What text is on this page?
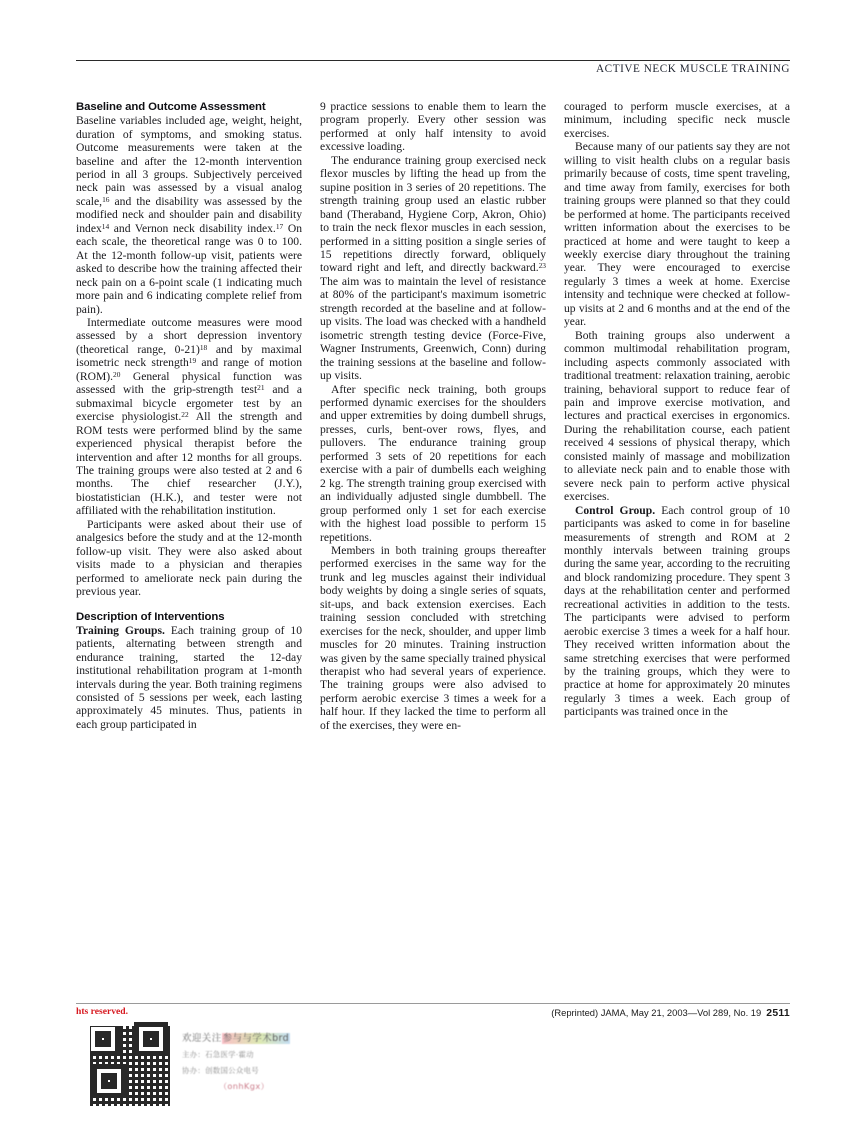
ACTIVE NECK MUSCLE TRAINING
Baseline and Outcome Assessment

Baseline variables included age, weight, height, duration of symptoms, and smoking status. Outcome measurements were taken at the baseline and after the 12-month intervention period in all 3 groups. Subjectively perceived neck pain was assessed by a visual analog scale,$^{16}$ and the disability was assessed by the modified neck and shoulder pain and disability index$^{14}$ and Vernon neck disability index.$^{17}$ On each scale, the theoretical range was 0 to 100. At the 12-month follow-up visit, patients were asked to describe how the training affected their neck pain on a 6-point scale (1 indicating much more pain and 6 indicating complete relief from pain).

Intermediate outcome measures were mood assessed by a short depression inventory (theoretical range, 0-21)$^{18}$ and by maximal isometric neck strength$^{19}$ and range of motion (ROM).$^{20}$ General physical function was assessed with the grip-strength test$^{21}$ and a submaximal bicycle ergometer test by an exercise physiologist.$^{22}$ All the strength and ROM tests were performed blind by the same experienced physical therapist before the intervention and after 12 months for all groups. The training groups were also tested at 2 and 6 months. The chief researcher (J.Y.), biostatistician (H.K.), and tester were not affiliated with the rehabilitation institution.

Participants were asked about their use of analgesics before the study and at the 12-month follow-up visit. They were also asked about visits made to a physician and therapies performed to ameliorate neck pain during the previous year.

Description of Interventions

Training Groups. Each training group of 10 patients, alternating between strength and endurance training, started the 12-day institutional rehabilitation program at 1-month intervals during the year. Both training regimens consisted of 5 sessions per week, each lasting approximately 45 minutes. Thus, patients in each group participated in

9 practice sessions to enable them to learn the program properly. Every other session was performed at only half intensity to avoid excessive loading.

The endurance training group exercised neck flexor muscles by lifting the head up from the supine position in 3 series of 20 repetitions. The strength training group used an elastic rubber band (Theraband, Hygiene Corp, Akron, Ohio) to train the neck flexor muscles in each session, performed in a sitting position a single series of 15 repetitions directly forward, obliquely toward right and left, and directly backward.$^{23}$ The aim was to maintain the level of resistance at 80% of the participant's maximum isometric strength recorded at the baseline and at follow-up visits. The load was checked with a handheld isometric strength testing device (Force-Five, Wagner Instruments, Greenwich, Conn) during the training sessions at the baseline and follow-up visits.

After specific neck training, both groups performed dynamic exercises for the shoulders and upper extremities by doing dumbell shrugs, presses, curls, bent-over rows, flyes, and pullovers. The endurance training group performed 3 sets of 20 repetitions for each exercise with a pair of dumbells each weighing 2 kg. The strength training group exercised with an individually adjusted single dumbbell. The group performed only 1 set for each exercise with the highest load possible to perform 15 repetitions.

Members in both training groups thereafter performed exercises in the same way for the trunk and leg muscles against their individual body weights by doing a single series of squats, sit-ups, and back extension exercises. Each training session concluded with stretching exercises for the neck, shoulder, and upper limb muscles for 20 minutes. Training instruction was given by the same specially trained physical therapist who had several years of experience. The training groups were also advised to perform aerobic exercise 3 times a week for a half hour. If they lacked the time to perform all of the exercises, they were en-

couraged to perform muscle exercises, at a minimum, including specific neck muscle exercises.

Because many of our patients say they are not willing to visit health clubs on a regular basis primarily because of costs, time spent traveling, and time away from family, exercises for both training groups were planned so that they could be performed at home. The participants received written information about the exercises to be practiced at home and were taught to keep a weekly exercise diary throughout the training year. They were encouraged to exercise regularly 3 times a week at home. Exercise intensity and technique were checked at follow-up visits at 2 and 6 months and at the end of the year.

Both training groups also underwent a common multimodal rehabilitation program, including aspects commonly associated with traditional treatment: relaxation training, aerobic training, behavioral support to reduce fear of pain and improve exercise motivation, and lectures and practical exercises in ergonomics. During the rehabilitation course, each patient received 4 sessions of physical therapy, which consisted mainly of massage and mobilization to alleviate neck pain and to enable those with severe neck pain to perform active physical exercises.

Control Group. Each control group of 10 participants was asked to come in for baseline measurements of strength and ROM at 2 monthly intervals between training groups during the same year, according to the recruiting and block randomizing procedure. They spent 3 days at the rehabilitation center and performed recreational activities in addition to the tests. The participants were advised to perform aerobic exercise 3 times a week for a half hour. They received written information about the same stretching exercises that were performed by the training groups, which they were to practice at home for approximately 20 minutes regularly 3 times a week. Each group of participants was trained once in the

hts reserved.	(Reprinted) JAMA, May 21, 2003—Vol 289, No. 19 2511
欢迎关注参与与学术brd
主办：石急医学·霍动
协办：创数国公众电号
（onhKgx）
